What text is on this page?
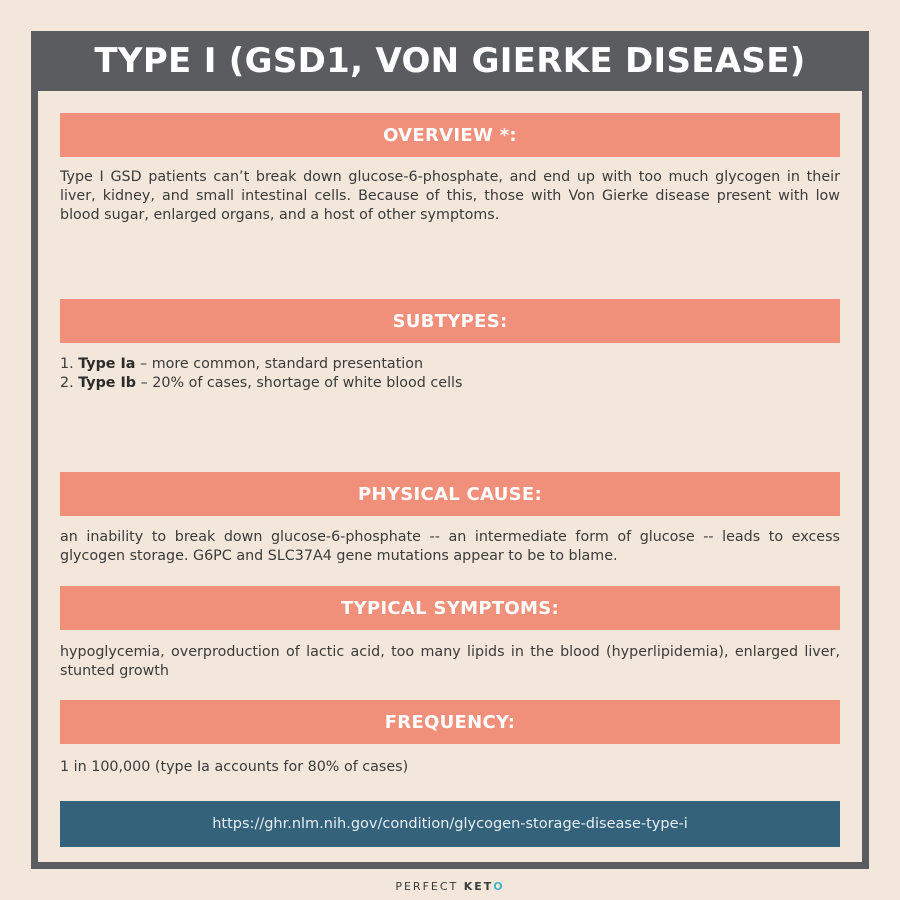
TYPE I (GSD1, VON GIERKE DISEASE)
OVERVIEW *:
Type I GSD patients can’t break down glucose-6-phosphate, and end up with too much glycogen in their liver, kidney, and small intestinal cells. Because of this, those with Von Gierke disease present with low blood sugar, enlarged organs, and a host of other symptoms.
SUBTYPES:
1. Type Ia – more common, standard presentation
2. Type Ib – 20% of cases, shortage of white blood cells
PHYSICAL CAUSE:
an inability to break down glucose-6-phosphate -- an intermediate form of glucose -- leads to excess glycogen storage. G6PC and SLC37A4 gene mutations appear to be to blame.
TYPICAL SYMPTOMS:
hypoglycemia, overproduction of lactic acid, too many lipids in the blood (hyperlipidemia), enlarged liver, stunted growth
FREQUENCY:
1 in 100,000 (type Ia accounts for 80% of cases)
https://ghr.nlm.nih.gov/condition/glycogen-storage-disease-type-i
PERFECT
KET O
